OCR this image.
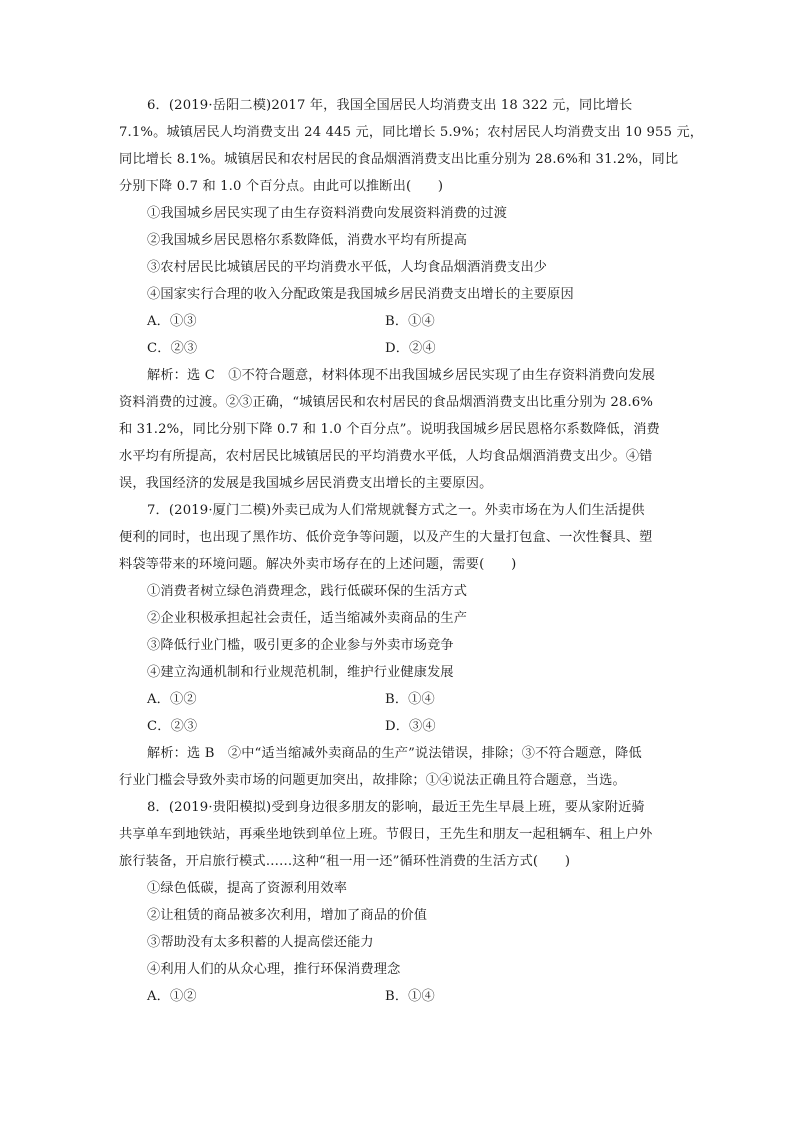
6．(2019·岳阳二模)2017 年，我国全国居民人均消费支出 18 322 元，同比增长
7.1%。城镇居民人均消费支出 24 445 元，同比增长 5.9%；农村居民人均消费支出 10 955 元，
同比增长 8.1%。城镇居民和农村居民的食品烟酒消费支出比重分别为 28.6%和 31.2%，同比
分别下降 0.7 和 1.0 个百分点。由此可以推断出(　　)
①我国城乡居民实现了由生存资料消费向发展资料消费的过渡
②我国城乡居民恩格尔系数降低，消费水平均有所提高
③农村居民比城镇居民的平均消费水平低，人均食品烟酒消费支出少
④国家实行合理的收入分配政策是我国城乡居民消费支出增长的主要原因
A．①③	B．①④
C．②③	D．②④
解析：选 C　①不符合题意，材料体现不出我国城乡居民实现了由生存资料消费向发展
资料消费的过渡。②③正确，“城镇居民和农村居民的食品烟酒消费支出比重分别为 28.6%
和 31.2%，同比分别下降 0.7 和 1.0 个百分点”。说明我国城乡居民恩格尔系数降低，消费
水平均有所提高，农村居民比城镇居民的平均消费水平低，人均食品烟酒消费支出少。④错
误，我国经济的发展是我国城乡居民消费支出增长的主要原因。
7．(2019·厦门二模)外卖已成为人们常规就餐方式之一。外卖市场在为人们生活提供
便利的同时，也出现了黑作坊、低价竞争等问题，以及产生的大量打包盒、一次性餐具、塑
料袋等带来的环境问题。解决外卖市场存在的上述问题，需要(　　)
①消费者树立绿色消费理念，践行低碳环保的生活方式
②企业积极承担起社会责任，适当缩减外卖商品的生产
③降低行业门槛，吸引更多的企业参与外卖市场竞争
④建立沟通机制和行业规范机制，维护行业健康发展
A．①②	B．①④
C．②③	D．③④
解析：选 B　②中“适当缩减外卖商品的生产”说法错误，排除；③不符合题意，降低
行业门槛会导致外卖市场的问题更加突出，故排除；①④说法正确且符合题意，当选。
8．(2019·贵阳模拟)受到身边很多朋友的影响，最近王先生早晨上班，要从家附近骑
共享单车到地铁站，再乘坐地铁到单位上班。节假日，王先生和朋友一起租辆车、租上户外
旅行装备，开启旅行模式……这种“租一用一还”循环性消费的生活方式(　　)
①绿色低碳，提高了资源利用效率
②让租赁的商品被多次利用，增加了商品的价值
③帮助没有太多积蓄的人提高偿还能力
④利用人们的从众心理，推行环保消费理念
A．①②	B．①④
